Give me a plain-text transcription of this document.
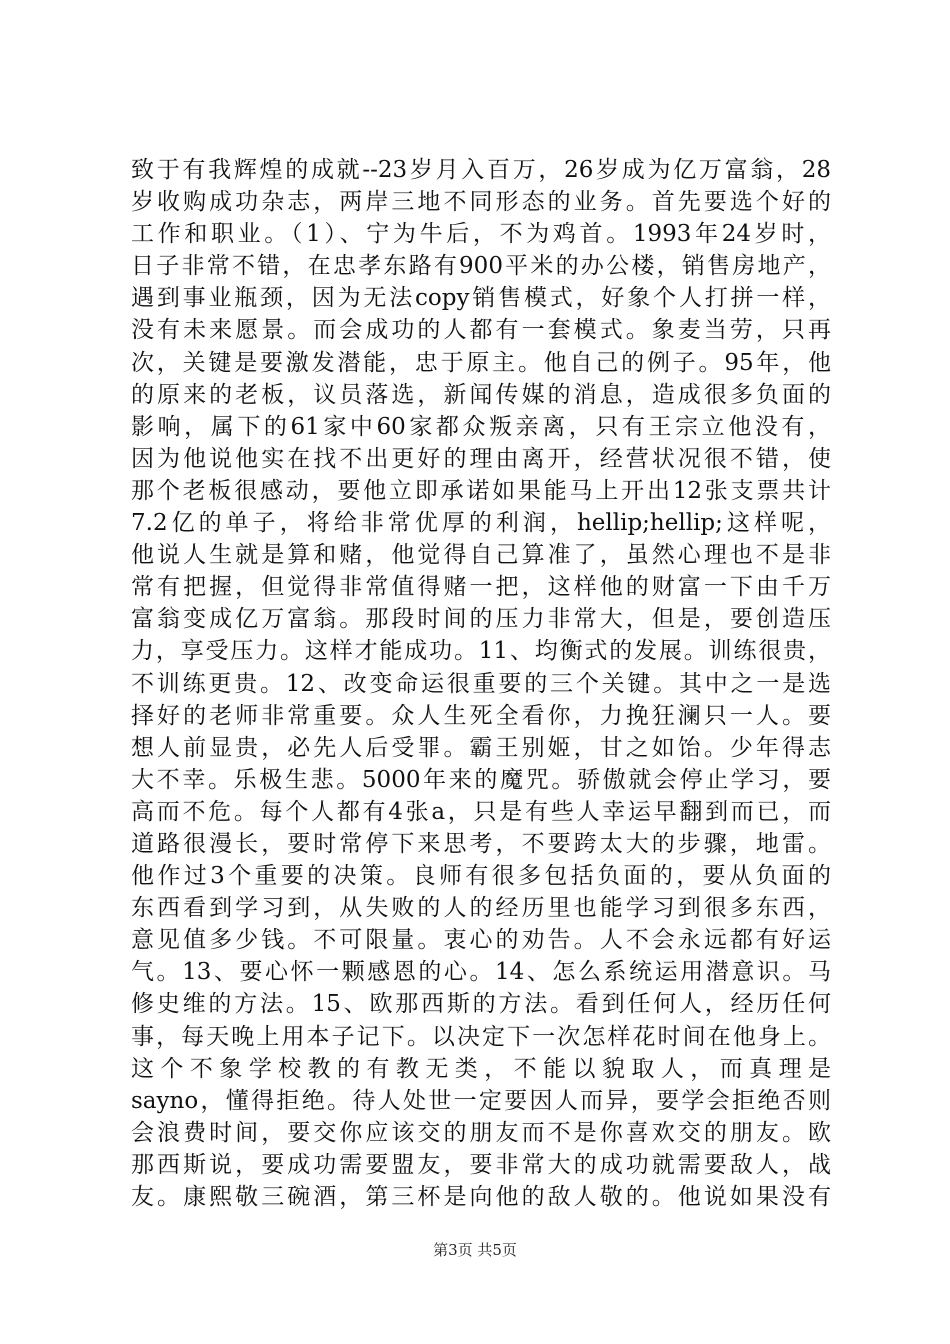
致于有我辉煌的成就--23岁月入百万，26岁成为亿万富翁，28
岁收购成功杂志，两岸三地不同形态的业务。首先要选个好的
工作和职业。（1）、宁为牛后，不为鸡首。1993年24岁时，
日子非常不错，在忠孝东路有900平米的办公楼，销售房地产，
遇到事业瓶颈，因为无法copy销售模式，好象个人打拼一样，
没有未来愿景。而会成功的人都有一套模式。象麦当劳，只再
次，关键是要激发潜能，忠于原主。他自己的例子。95年，他
的原来的老板，议员落选，新闻传媒的消息，造成很多负面的
影响，属下的61家中60家都众叛亲离，只有王宗立他没有，
因为他说他实在找不出更好的理由离开，经营状况很不错，使
那个老板很感动，要他立即承诺如果能马上开出12张支票共计
7.2亿的单子，将给非常优厚的利润，hellip;hellip;这样呢，
他说人生就是算和赌，他觉得自己算准了，虽然心理也不是非
常有把握，但觉得非常值得赌一把，这样他的财富一下由千万
富翁变成亿万富翁。那段时间的压力非常大，但是，要创造压
力，享受压力。这样才能成功。11、均衡式的发展。训练很贵，
不训练更贵。12、改变命运很重要的三个关键。其中之一是选
择好的老师非常重要。众人生死全看你，力挽狂澜只一人。要
想人前显贵，必先人后受罪。霸王别姬，甘之如饴。少年得志
大不幸。乐极生悲。5000年来的魔咒。骄傲就会停止学习，要
高而不危。每个人都有4张a，只是有些人幸运早翻到而已，而
道路很漫长，要时常停下来思考，不要跨太大的步骤，地雷。
他作过3个重要的决策。良师有很多包括负面的，要从负面的
东西看到学习到，从失败的人的经历里也能学习到很多东西，
意见值多少钱。不可限量。衷心的劝告。人不会永远都有好运
气。13、要心怀一颗感恩的心。14、怎么系统运用潜意识。马
修史维的方法。15、欧那西斯的方法。看到任何人，经历任何
事，每天晚上用本子记下。以决定下一次怎样花时间在他身上。
这个不象学校教的有教无类，不能以貌取人，而真理是
sayno，懂得拒绝。待人处世一定要因人而异，要学会拒绝否则
会浪费时间，要交你应该交的朋友而不是你喜欢交的朋友。欧
那西斯说，要成功需要盟友，要非常大的成功就需要敌人，战
友。康熙敬三碗酒，第三杯是向他的敌人敬的。他说如果没有
第3页 共5页
